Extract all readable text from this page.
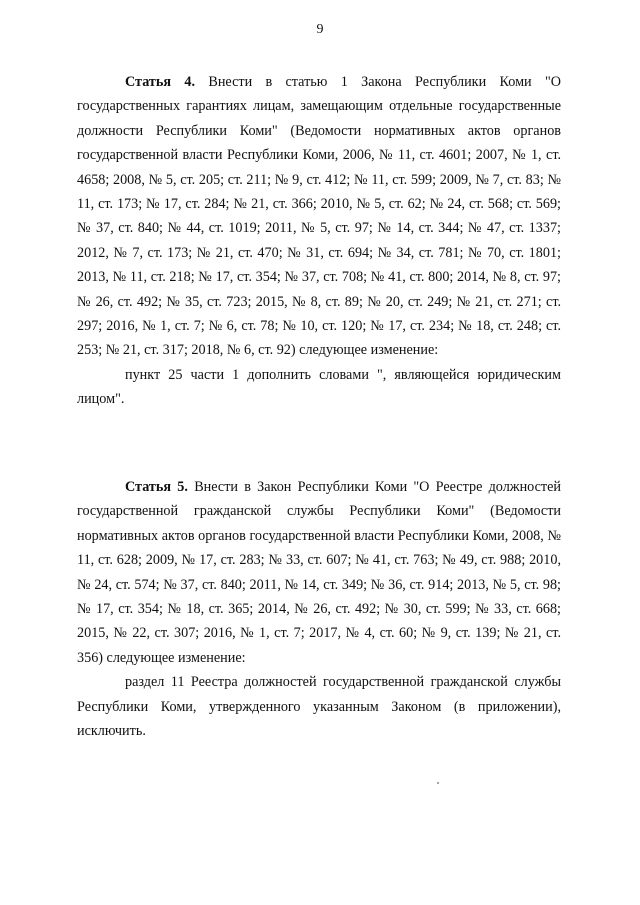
9

Статья 4. Внести в статью 1 Закона Республики Коми "О государственных гарантиях лицам, замещающим отдельные государственные должности Республики Коми" (Ведомости нормативных актов органов государственной власти Республики Коми, 2006, № 11, ст. 4601; 2007, № 1, ст. 4658; 2008, № 5, ст. 205; ст. 211; № 9, ст. 412; № 11, ст. 599; 2009, № 7, ст. 83; № 11, ст. 173; № 17, ст. 284; № 21, ст. 366; 2010, № 5, ст. 62; № 24, ст. 568; ст. 569; № 37, ст. 840; № 44, ст. 1019; 2011, № 5, ст. 97; № 14, ст. 344; № 47, ст. 1337; 2012, № 7, ст. 173; № 21, ст. 470; № 31, ст. 694; № 34, ст. 781; № 70, ст. 1801; 2013, № 11, ст. 218; № 17, ст. 354; № 37, ст. 708; № 41, ст. 800; 2014, № 8, ст. 97; № 26, ст. 492; № 35, ст. 723; 2015, № 8, ст. 89; № 20, ст. 249; № 21, ст. 271; ст. 297; 2016, № 1, ст. 7; № 6, ст. 78; № 10, ст. 120; № 17, ст. 234; № 18, ст. 248; ст. 253; № 21, ст. 317; 2018, № 6, ст. 92) следующее изменение:

пункт 25 части 1 дополнить словами ", являющейся юридическим лицом".

Статья 5. Внести в Закон Республики Коми "О Реестре должностей государственной гражданской службы Республики Коми" (Ведомости нормативных актов органов государственной власти Республики Коми, 2008, № 11, ст. 628; 2009, № 17, ст. 283; № 33, ст. 607; № 41, ст. 763; № 49, ст. 988; 2010, № 24, ст. 574; № 37, ст. 840; 2011, № 14, ст. 349; № 36, ст. 914; 2013, № 5, ст. 98; № 17, ст. 354; № 18, ст. 365; 2014, № 26, ст. 492; № 30, ст. 599; № 33, ст. 668; 2015, № 22, ст. 307; 2016, № 1, ст. 7; 2017, № 4, ст. 60; № 9, ст. 139; № 21, ст. 356) следующее изменение:

раздел 11 Реестра должностей государственной гражданской службы Республики Коми, утвержденного указанным Законом (в приложении), исключить.
